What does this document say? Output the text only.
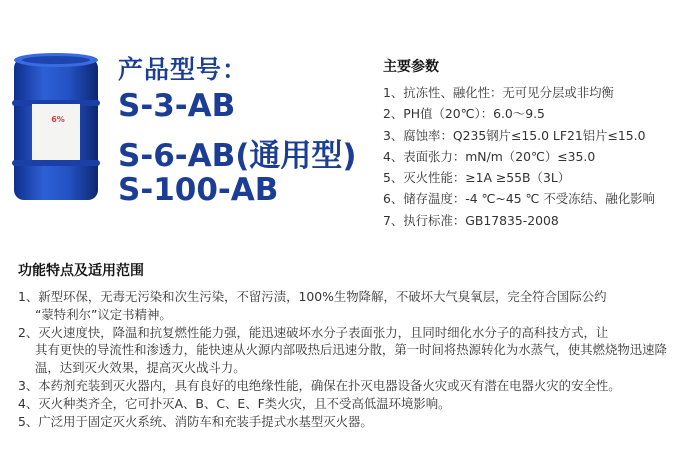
6%
产品型号：
S-3-AB
S-6-AB(通用型)
S-100-AB
主要参数
1、抗冻性、融化性：无可见分层或非均衡
2、PH值（20℃）：6.0～9.5
3、腐蚀率：Q235钢片≤15.0 LF21铝片≤15.0
4、表面张力：mN/m（20℃）≤35.0
5、灭火性能：≥1A ≥55B（3L）
6、储存温度：-4 ℃~45 ℃ 不受冻结、融化影响
7、执行标准：GB17835-2008
功能特点及适用范围
1、新型环保，无毒无污染和次生污染，不留污渍，100%生物降解，不破坏大气臭氧层，完全符合国际公约
“蒙特利尔”议定书精神。
2、灭火速度快，降温和抗复燃性能力强，能迅速破坏水分子表面张力，且同时细化水分子的高科技方式，让
其有更快的导流性和渗透力，能快速从火源内部吸热后迅速分散，第一时间将热源转化为水蒸气，使其燃烧物迅速降温，达到灭火效果，提高灭火战斗力。
3、本药剂充装到灭火器内，具有良好的电绝缘性能，确保在扑灭电器设备火灾或灭有潜在电器火灾的安全性。
4、灭火种类齐全，它可扑灭A、B、C、E、F类火灾，且不受高低温环境影响。
5、广泛用于固定灭火系统、消防车和充装手提式水基型灭火器。
